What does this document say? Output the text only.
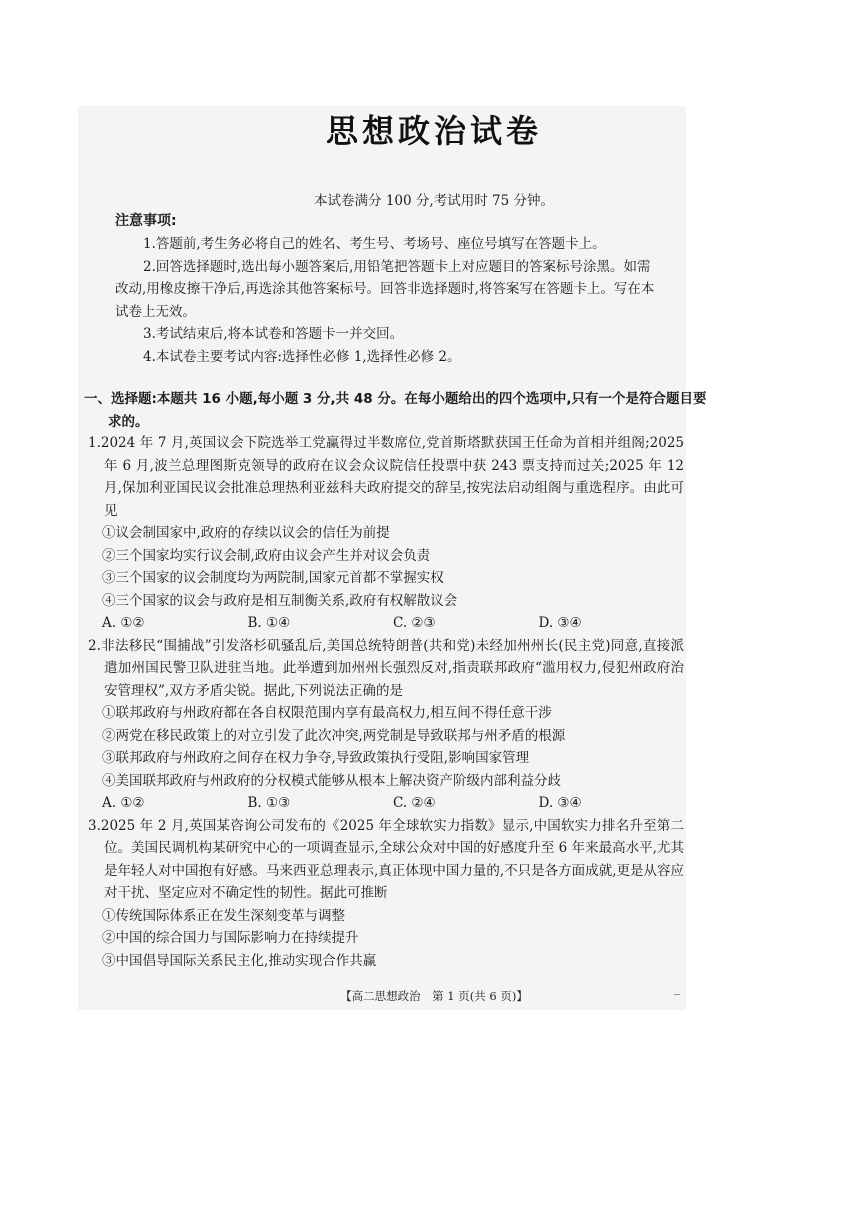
思想政治试卷
本试卷满分 100 分,考试用时 75 分钟。
注意事项:

1.答题前,考生务必将自己的姓名、考生号、考场号、座位号填写在答题卡上。

2.回答选择题时,选出每小题答案后,用铅笔把答题卡上对应题目的答案标号涂黑。如需改动,用橡皮擦干净后,再选涂其他答案标号。回答非选择题时,将答案写在答题卡上。写在本试卷上无效。

3.考试结束后,将本试卷和答题卡一并交回。

4.本试卷主要考试内容:选择性必修 1,选择性必修 2。

一、选择题:本题共 16 小题,每小题 3 分,共 48 分。在每小题给出的四个选项中,只有一个是符合题目要求的。

1.2024 年 7 月,英国议会下院选举工党赢得过半数席位,党首斯塔默获国王任命为首相并组阁;2025 年 6 月,波兰总理图斯克领导的政府在议会众议院信任投票中获 243 票支持而过关;2025 年 12 月,保加利亚国民议会批准总理热利亚兹科夫政府提交的辞呈,按宪法启动组阁与重选程序。由此可见

①议会制国家中,政府的存续以议会的信任为前提

②三个国家均实行议会制,政府由议会产生并对议会负责

③三个国家的议会制度均为两院制,国家元首都不掌握实权

④三个国家的议会与政府是相互制衡关系,政府有权解散议会

A. ①②	B. ①④	C. ②③	D. ③④

2.非法移民“围捕战”引发洛杉矶骚乱后,美国总统特朗普(共和党)未经加州州长(民主党)同意,直接派遣加州国民警卫队进驻当地。此举遭到加州州长强烈反对,指责联邦政府“滥用权力,侵犯州政府治安管理权”,双方矛盾尖锐。据此,下列说法正确的是

①联邦政府与州政府都在各自权限范围内享有最高权力,相互间不得任意干涉

②两党在移民政策上的对立引发了此次冲突,两党制是导致联邦与州矛盾的根源

③联邦政府与州政府之间存在权力争夺,导致政策执行受阻,影响国家管理

④美国联邦政府与州政府的分权模式能够从根本上解决资产阶级内部利益分歧

A. ①②	B. ①③	C. ②④	D. ③④

3.2025 年 2 月,英国某咨询公司发布的《2025 年全球软实力指数》显示,中国软实力排名升至第二位。美国民调机构某研究中心的一项调查显示,全球公众对中国的好感度升至 6 年来最高水平,尤其是年轻人对中国抱有好感。马来西亚总理表示,真正体现中国力量的,不只是各方面成就,更是从容应对干扰、坚定应对不确定性的韧性。据此可推断

①传统国际体系正在发生深刻变革与调整

②中国的综合国力与国际影响力在持续提升

③中国倡导国际关系民主化,推动实现合作共赢

【高二思想政治　第 1 页(共 6 页)】
